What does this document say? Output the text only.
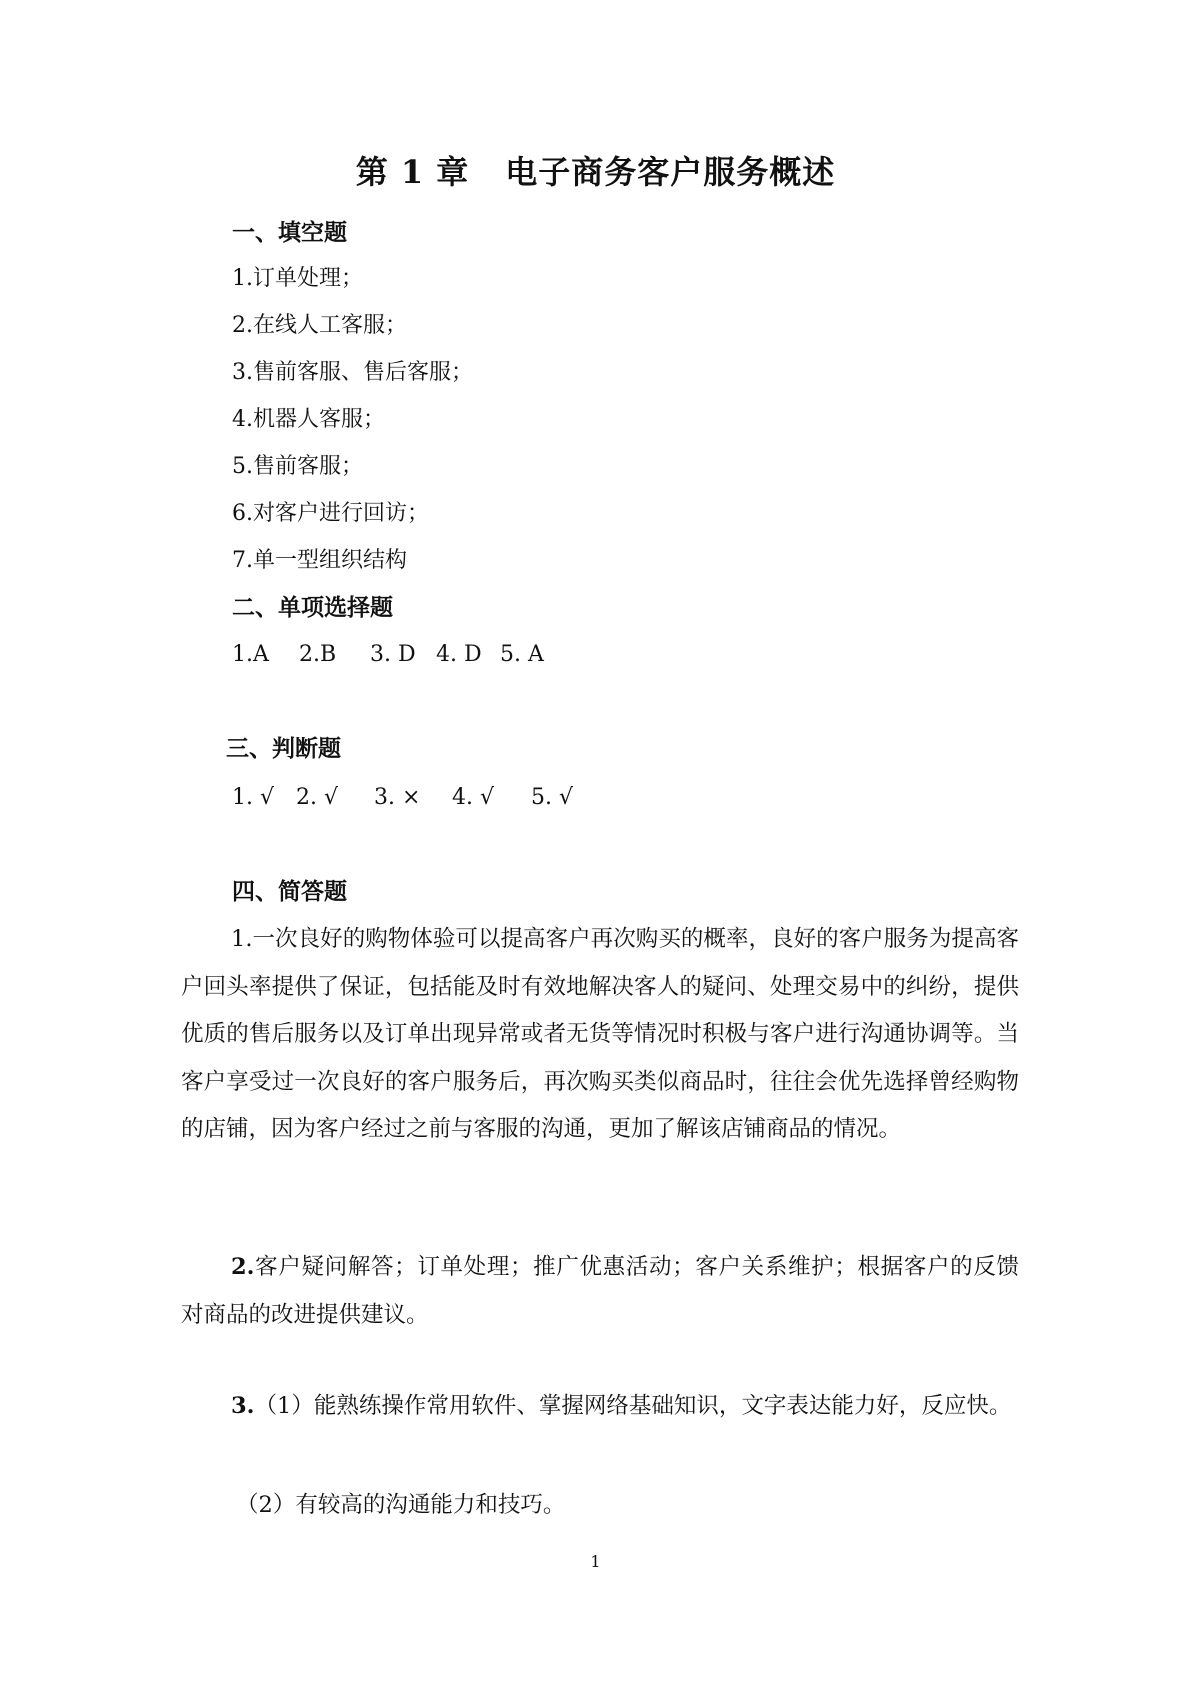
第 1 章 电子商务客户服务概述
一、填空题
1.订单处理；
2.在线人工客服；
3.售前客服、售后客服；
4.机器人客服；
5.售前客服；
6.对客户进行回访；
7.单一型组织结构
二、单项选择题
1.A 2.B 3. D 4. D 5. A
三、判断题
1. √ 2. √ 3. × 4. √ 5. √
四、简答题
1.一次良好的购物体验可以提高客户再次购买的概率，良好的客户服务为提高客户回头率提供了保证，包括能及时有效地解决客人的疑问、处理交易中的纠纷，提供优质的售后服务以及订单出现异常或者无货等情况时积极与客户进行沟通协调等。当客户享受过一次良好的客户服务后，再次购买类似商品时，往往会优先选择曾经购物的店铺，因为客户经过之前与客服的沟通，更加了解该店铺商品的情况。
2.客户疑问解答；订单处理；推广优惠活动；客户关系维护；根据客户的反馈对商品的改进提供建议。
3.（1）能熟练操作常用软件、掌握网络基础知识，文字表达能力好，反应快。
（2）有较高的沟通能力和技巧。
1
